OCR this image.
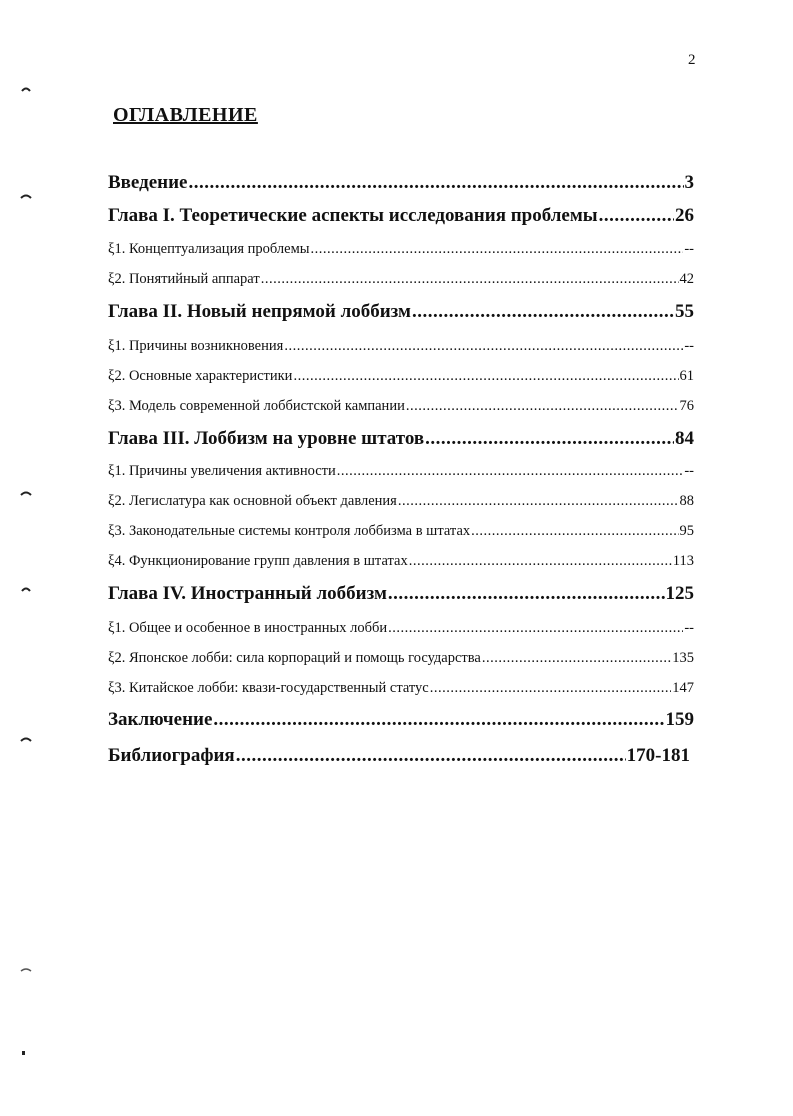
2
ОГЛАВЛЕНИЕ
Введение .....	3
Глава I. Теоретические аспекты исследования проблемы .....	26
ξ1. Концептуализация проблемы .....	--
ξ2. Понятийный аппарат .....	42
Глава II. Новый непрямой лоббизм .....	55
ξ1. Причины возникновения .....	--
ξ2. Основные характеристики .....	61
ξ3. Модель современной лоббистской кампании .....	76
Глава III. Лоббизм на уровне штатов .....	84
ξ1. Причины увеличения активности .....	--
ξ2. Легислатура как основной объект давления .....	88
ξ3. Законодательные системы контроля лоббизма в штатах .....	95
ξ4. Функционирование групп давления в штатах .....	113
Глава IV. Иностранный лоббизм .....	125
ξ1. Общее и особенное в иностранных лобби .....	--
ξ2. Японское лобби: сила корпораций и помощь государства .....	135
ξ3. Китайское лобби: квази-государственный статус .....	147
Заключение .....	159
Библиография .....	170-181
